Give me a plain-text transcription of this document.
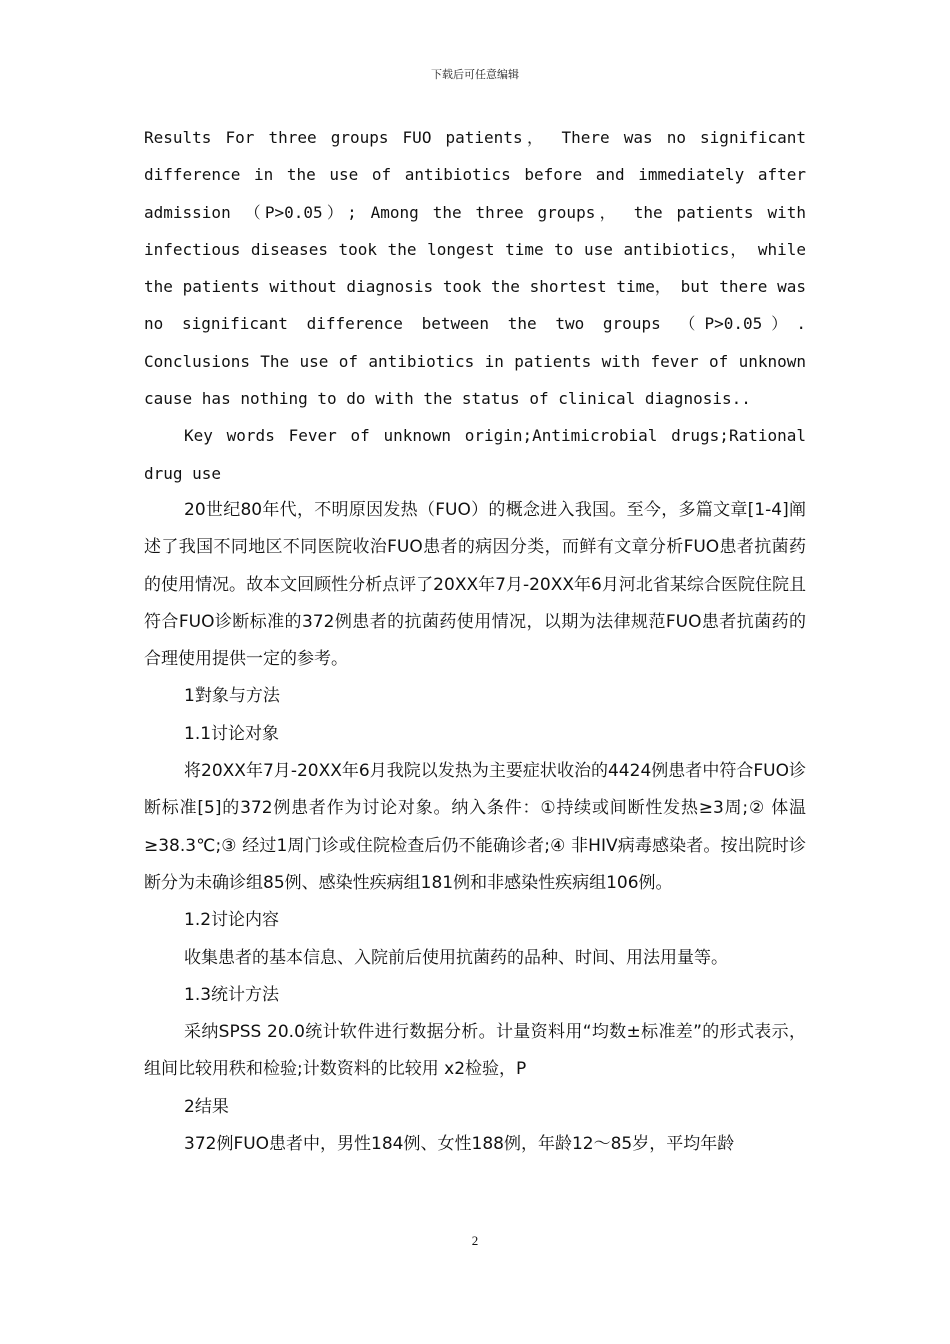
下载后可任意编辑

Results For three groups FUO patients， There was no significant difference in the use of antibiotics before and immediately after admission （P>0.05）; Among the three groups， the patients with infectious diseases took the longest time to use antibiotics， while the patients without diagnosis took the shortest time， but there was no significant difference between the two groups （P>0.05）. Conclusions The use of antibiotics in patients with fever of unknown cause has nothing to do with the status of clinical diagnosis..

Key words Fever of unknown origin;Antimicrobial drugs;Rational drug use

20世纪80年代，不明原因发热（FUO）的概念进入我国。至今，多篇文章[1-4]阐述了我国不同地区不同医院收治FUO患者的病因分类，而鲜有文章分析FUO患者抗菌药的使用情况。故本文回顾性分析点评了20XX年7月-20XX年6月河北省某综合医院住院且符合FUO诊断标准的372例患者的抗菌药使用情况，以期为法律规范FUO患者抗菌药的合理使用提供一定的参考。

1對象与方法

1.1讨论对象

将20XX年7月-20XX年6月我院以发热为主要症状收治的4424例患者中符合FUO诊断标准[5]的372例患者作为讨论对象。纳入条件：①持续或间断性发热≥3周;② 体温≥38.3℃;③ 经过1周门诊或住院检查后仍不能确诊者;④ 非HIV病毒感染者。按出院时诊断分为未确诊组85例、感染性疾病组181例和非感染性疾病组106例。

1.2讨论内容

收集患者的基本信息、入院前后使用抗菌药的品种、时间、用法用量等。

1.3统计方法

采纳SPSS 20.0统计软件进行数据分析。计量资料用“均数±标准差”的形式表示，组间比较用秩和检验;计数资料的比较用 x2检验，P

2结果

372例FUO患者中，男性184例、女性188例，年龄12～85岁，平均年龄

2
